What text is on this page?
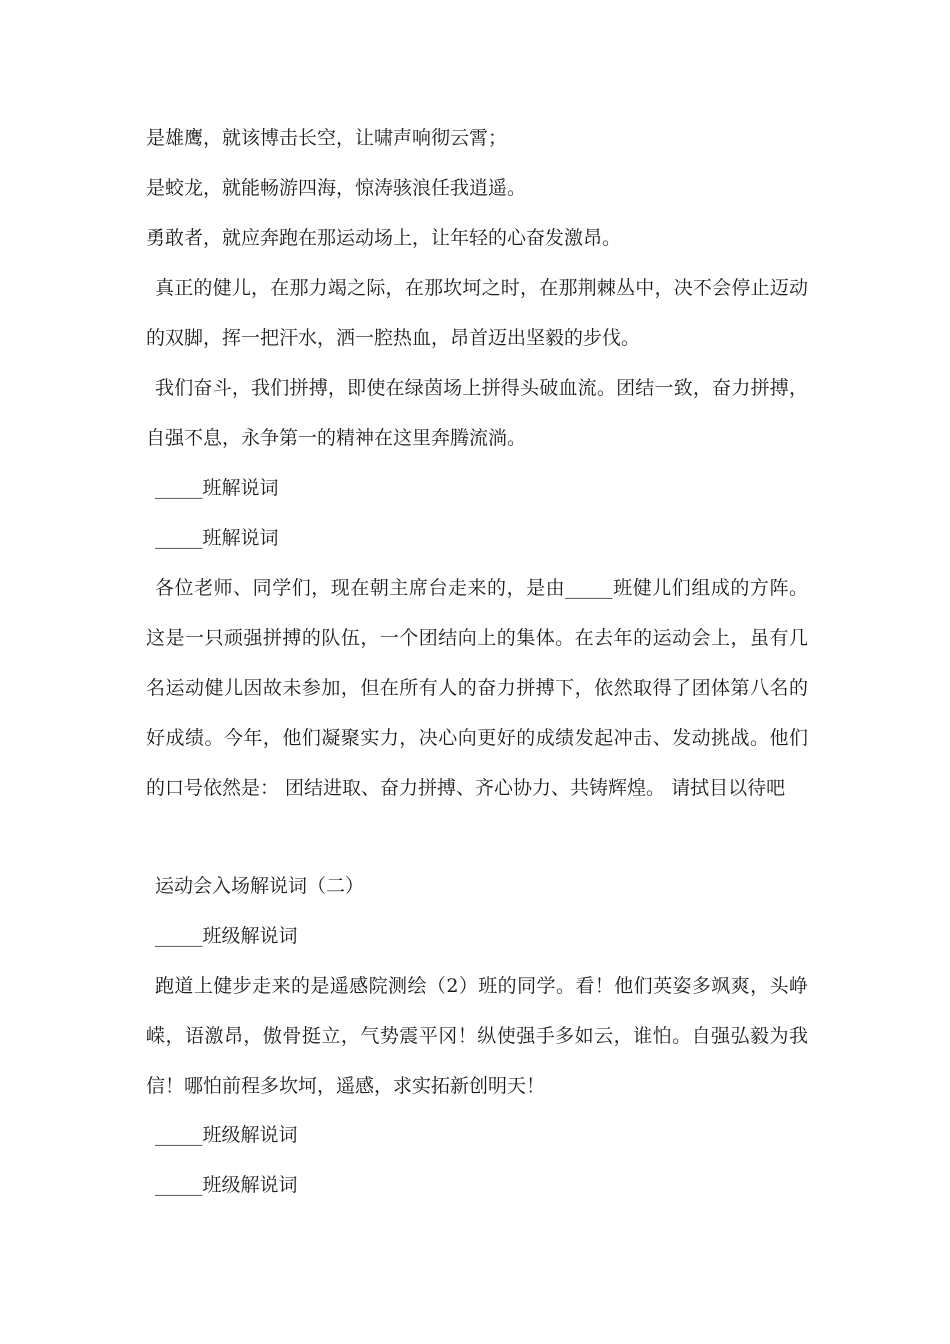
是雄鹰，就该博击长空，让啸声响彻云霄；

是蛟龙，就能畅游四海，惊涛骇浪任我逍遥。

勇敢者，就应奔跑在那运动场上，让年轻的心奋发激昂。

真正的健儿，在那力竭之际，在那坎坷之时，在那荆棘丛中，决不会停止迈动的双脚，挥一把汗水，洒一腔热血，昂首迈出坚毅的步伐。

我们奋斗，我们拼搏，即使在绿茵场上拼得头破血流。团结一致，奋力拼搏，自强不息，永争第一的精神在这里奔腾流淌。

_____班解说词

_____班解说词

各位老师、同学们，现在朝主席台走来的，是由_____班健儿们组成的方阵。这是一只顽强拼搏的队伍，一个团结向上的集体。在去年的运动会上，虽有几名运动健儿因故未参加，但在所有人的奋力拼搏下，依然取得了团体第八名的好成绩。今年，他们凝聚实力，决心向更好的成绩发起冲击、发动挑战。他们的口号依然是： 团结进取、奋力拼搏、齐心协力、共铸辉煌。 请拭目以待吧

运动会入场解说词（二）

_____班级解说词

跑道上健步走来的是遥感院测绘（2）班的同学。看！他们英姿多飒爽，头峥嵘，语激昂，傲骨挺立，气势震平冈！纵使强手多如云，谁怕。自强弘毅为我信！哪怕前程多坎坷，遥感，求实拓新创明天！

_____班级解说词

_____班级解说词
